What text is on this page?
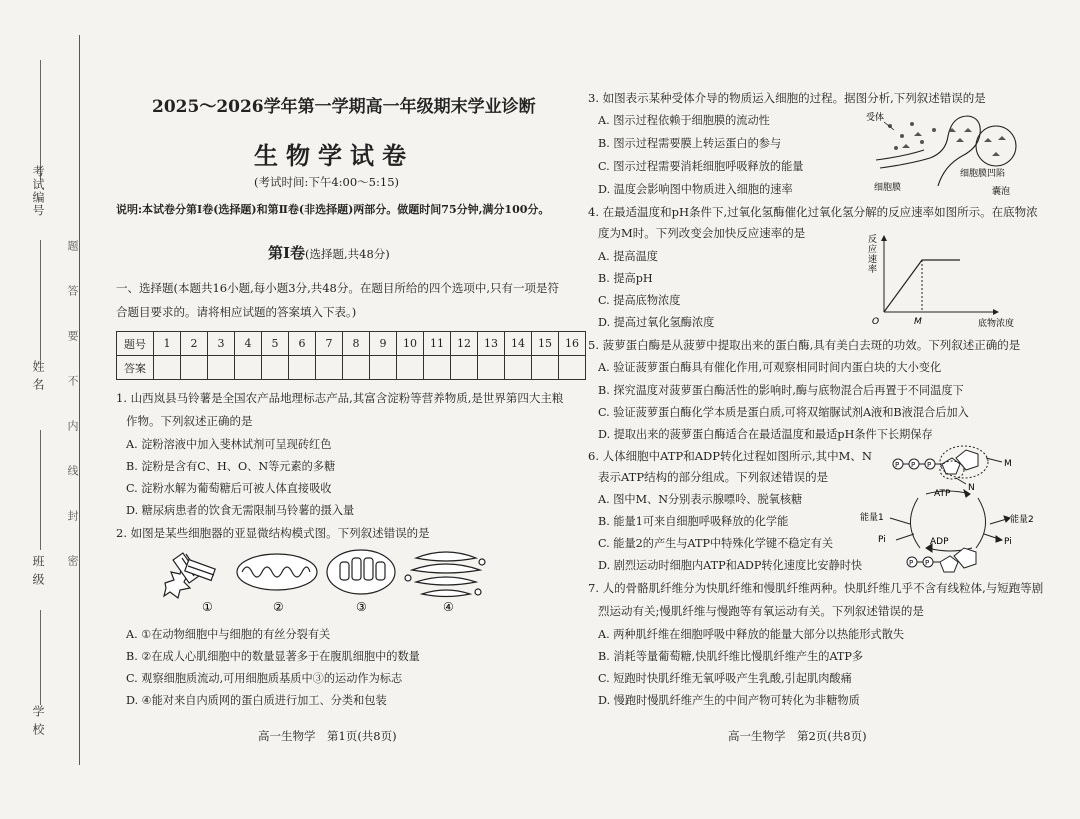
考试编号
姓 名
班 级
学 校
题
答
要
不
内
线
封
密
2025～2026学年第一学期高一年级期末学业诊断
生物学试卷
(考试时间:下午4:00～5:15)
说明:本试卷分第Ⅰ卷(选择题)和第Ⅱ卷(非选择题)两部分。做题时间75分钟,满分100分。
第Ⅰ卷(选择题,共48分)
一、选择题(本题共16小题,每小题3分,共48分。在题目所给的四个选项中,只有一项是符
合题目要求的。请将相应试题的答案填入下表。)
题号	1	2	3	4	5	6	7	8	9	10	11	12	13	14	15	16
答案																
1. 山西岚县马铃薯是全国农产品地理标志产品,其富含淀粉等营养物质,是世界第四大主粮
作物。下列叙述正确的是
A. 淀粉溶液中加入斐林试剂可呈现砖红色
B. 淀粉是含有C、H、O、N等元素的多糖
C. 淀粉水解为葡萄糖后可被人体直接吸收
D. 糖尿病患者的饮食无需限制马铃薯的摄入量
2. 如图是某些细胞器的亚显微结构模式图。下列叙述错误的是
①	②	③	④
A. ①在动物细胞中与细胞的有丝分裂有关
B. ②在成人心肌细胞中的数量显著多于在腹肌细胞中的数量
C. 观察细胞质流动,可用细胞质基质中③的运动作为标志
D. ④能对来自内质网的蛋白质进行加工、分类和包装
高一生物学　第1页(共8页)
3. 如图表示某种受体介导的物质运入细胞的过程。据图分析,下列叙述错误的是
A. 图示过程依赖于细胞膜的流动性
B. 图示过程需要膜上转运蛋白的参与
C. 图示过程需要消耗细胞呼吸释放的能量
D. 温度会影响图中物质进入细胞的速率
受体
细胞膜凹陷
细胞膜	囊泡
4. 在最适温度和pH条件下,过氧化氢酶催化过氧化氢分解的反应速率如图所示。在底物浓
度为M时。下列改变会加快反应速率的是
A. 提高温度
B. 提高pH
C. 提高底物浓度
D. 提高过氧化氢酶浓度	O	M	底物浓度
反
应
速
率
5. 菠萝蛋白酶是从菠萝中提取出来的蛋白酶,具有美白去斑的功效。下列叙述正确的是
A. 验证菠萝蛋白酶具有催化作用,可观察相同时间内蛋白块的大小变化
B. 探究温度对菠萝蛋白酶活性的影响时,酶与底物混合后再置于不同温度下
C. 验证菠萝蛋白酶化学本质是蛋白质,可将双缩脲试剂A液和B液混合后加入
D. 提取出来的菠萝蛋白酶适合在最适温度和最适pH条件下长期保存
6. 人体细胞中ATP和ADP转化过程如图所示,其中M、N
表示ATP结构的部分组成。下列叙述错误的是
A. 图中M、N分别表示腺嘌呤、脱氧核糖
B. 能量1可来自细胞呼吸释放的化学能
C. 能量2的产生与ATP中特殊化学键不稳定有关
D. 剧烈运动时细胞内ATP和ADP转化速度比安静时快
P P P	M
N
ATP
ADP
能量1	能量2
Pi	Pi
P P
7. 人的骨骼肌纤维分为快肌纤维和慢肌纤维两种。快肌纤维几乎不含有线粒体,与短跑等剧
烈运动有关;慢肌纤维与慢跑等有氧运动有关。下列叙述错误的是
A. 两种肌纤维在细胞呼吸中释放的能量大部分以热能形式散失
B. 消耗等量葡萄糖,快肌纤维比慢肌纤维产生的ATP多
C. 短跑时快肌纤维无氧呼吸产生乳酸,引起肌肉酸痛
D. 慢跑时慢肌纤维产生的中间产物可转化为非糖物质
高一生物学　第2页(共8页)
